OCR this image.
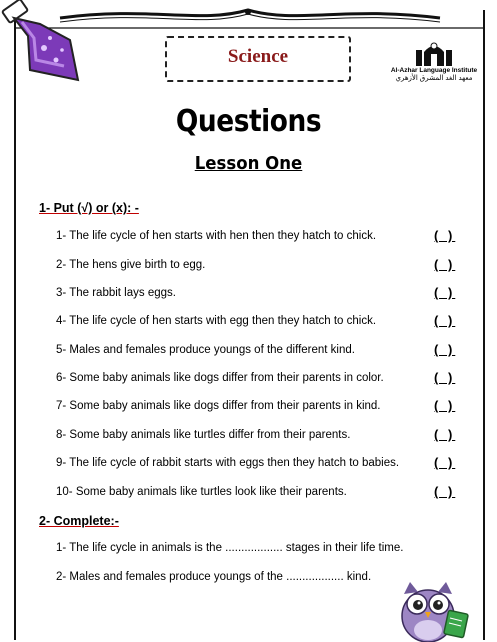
Science
Al-Azhar Language Institute
معهد الغد المشرق الأزهري
Questions
Lesson One
1- Put (√) or (x): -
1- The life cycle of hen starts with hen then they hatch to chick.	( )
2- The hens give birth to egg.	( )
3- The rabbit lays eggs.	( )
4- The life cycle of hen starts with egg then they hatch to chick.	( )
5- Males and females produce youngs of the different kind.	( )
6- Some baby animals like dogs differ from their parents in color.	( )
7- Some baby animals like dogs differ from their parents in kind.	( )
8- Some baby animals like turtles differ from their parents.	( )
9- The life cycle of rabbit starts with eggs then they hatch to babies.	( )
10- Some baby animals like turtles look like their parents.	( )
2- Complete:-
1- The life cycle in animals is the .................. stages in their life time.
2- Males and females produce youngs of the .................. kind.
